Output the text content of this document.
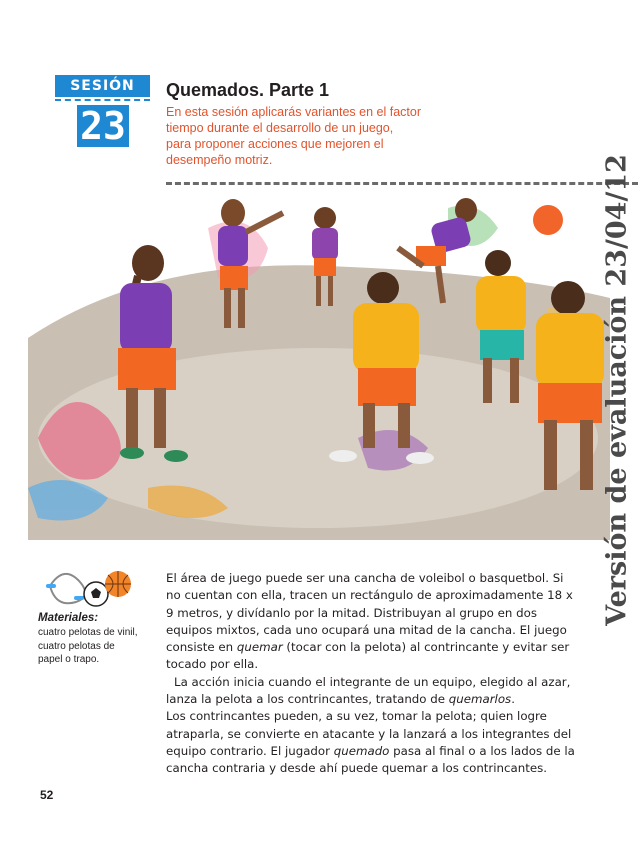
SESIÓN
23
Quemados. Parte 1
En esta sesión aplicarás variantes en el factor
tiempo durante el desarrollo de un juego,
para proponer acciones que mejoren el
desempeño motriz.	Versión de evaluación 23/04/12
Materiales:
cuatro pelotas de vinil,
cuatro pelotas de
papel o trapo.

El área de juego puede ser una cancha de voleibol o basquetbol. Si no cuentan con ella, tracen un rectángulo de aproximadamente 18 x 9 metros, y divídanlo por la mitad. Distribuyan al grupo en dos equipos mixtos, cada uno ocupará una mitad de la cancha. El juego consiste en quemar (tocar con la pelota) al contrincante y evitar ser tocado por ella.

La acción inicia cuando el integrante de un equipo, elegido al azar, lanza la pelota a los contrincantes, tratando de quemarlos.

Los contrincantes pueden, a su vez, tomar la pelota; quien logre atraparla, se convierte en atacante y la lanzará a los integrantes del equipo contrario. El jugador quemado pasa al final o a los lados de la cancha contraria y desde ahí puede quemar a los contrincantes.

52
